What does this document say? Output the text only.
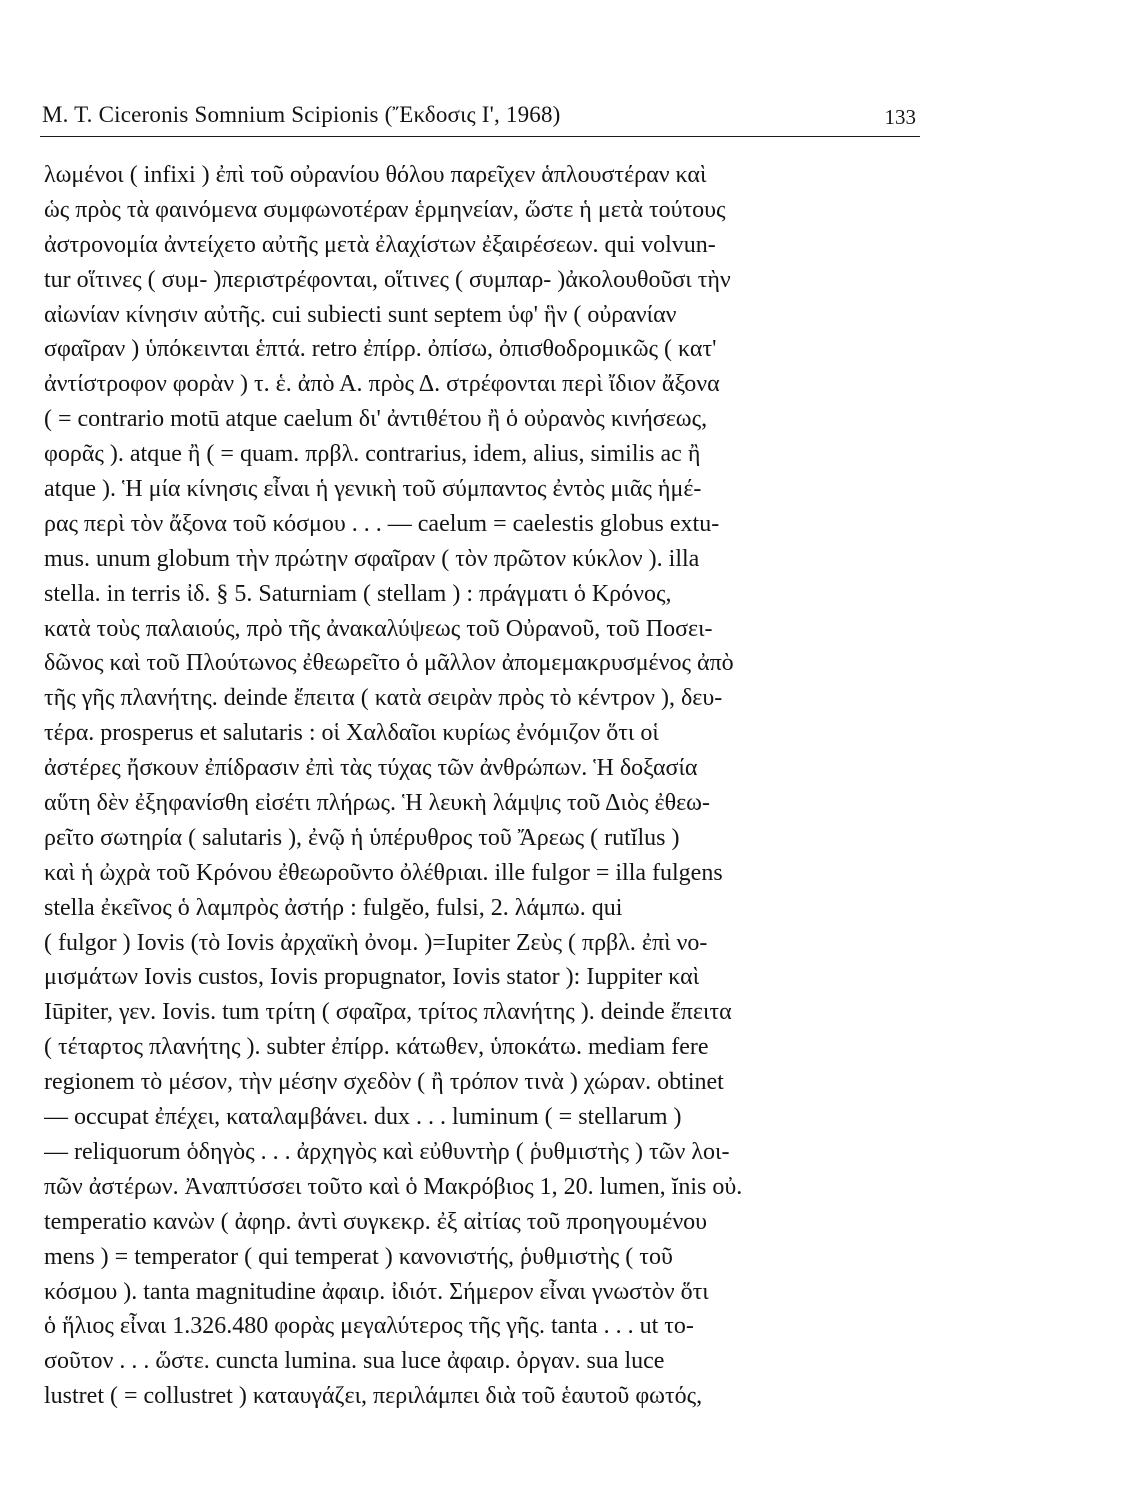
M. T. Ciceronis Somnium Scipionis (Ἔκδοσις I', 1968)	133
λωμένοι ( infixi ) ἐπὶ τοῦ οὐρανίου θόλου παρεῖχεν ἁπλουστέραν καὶ
ὡς πρὸς τὰ φαινόμενα συμφωνοτέραν ἑρμηνείαν, ὥστε ἡ μετὰ τούτους
ἀστρονομία ἀντείχετο αὐτῆς μετὰ ἐλαχίστων ἐξαιρέσεων. qui volvun-
tur οἵτινες ( συμ- )περιστρέφονται, οἵτινες ( συμπαρ- )ἀκολουθοῦσι τὴν
αἰωνίαν κίνησιν αὐτῆς. cui subiecti sunt septem ὑφ' ἣν ( οὐρανίαν
σφαῖραν ) ὑπόκεινται ἑπτά. retro ἐπίρρ. ὀπίσω, ὀπισθοδρομικῶς ( κατ'
ἀντίστροφον φορὰν ) τ. ἑ. ἀπὸ Α. πρὸς Δ. στρέφονται περὶ ἴδιον ἄξονα
( = contrario motū atque caelum δι' ἀντιθέτου ἢ ὁ οὐρανὸς κινήσεως,
φορᾶς ). atque ἢ ( = quam. πρβλ. contrarius, idem, alius, similis ac ἢ
atque ). Ἡ μία κίνησις εἶναι ἡ γενικὴ τοῦ σύμπαντος ἐντὸς μιᾶς ἡμέ-
ρας περὶ τὸν ἄξονα τοῦ κόσμου . . . — caelum = caelestis globus extu-
mus. unum globum τὴν πρώτην σφαῖραν ( τὸν πρῶτον κύκλον ). illa
stella. in terris ἰδ. § 5. Saturniam ( stellam ) : πράγματι ὁ Κρόνος,
κατὰ τοὺς παλαιούς, πρὸ τῆς ἀνακαλύψεως τοῦ Οὐρανοῦ, τοῦ Ποσει-
δῶνος καὶ τοῦ Πλούτωνος ἐθεωρεῖτο ὁ μᾶλλον ἀπομεμακρυσμένος ἀπὸ
τῆς γῆς πλανήτης. deinde ἔπειτα ( κατὰ σειρὰν πρὸς τὸ κέντρον ), δευ-
τέρα. prosperus et salutaris : οἱ Χαλδαῖοι κυρίως ἐνόμιζον ὅτι οἱ
ἀστέρες ἤσκουν ἐπίδρασιν ἐπὶ τὰς τύχας τῶν ἀνθρώπων. Ἡ δοξασία
αὕτη δὲν ἐξηφανίσθη εἰσέτι πλήρως. Ἡ λευκὴ λάμψις τοῦ Διὸς ἐθεω-
ρεῖτο σωτηρία ( salutaris ), ἐνῷ ἡ ὑπέρυθρος τοῦ Ἄρεως ( rutĭlus )
καὶ ἡ ὠχρὰ τοῦ Κρόνου ἐθεωροῦντο ὀλέθριαι. ille fulgor = illa fulgens
stella ἐκεῖνος ὁ λαμπρὸς ἀστήρ : fulgĕo, fulsi, 2. λάμπω. qui
( fulgor ) Iovis (τὸ Iovis ἀρχαϊκὴ ὀνομ. )=Iupiter Ζεὺς ( πρβλ. ἐπὶ νο-
μισμάτων Iovis custos, Iovis propugnator, Iovis stator ): Iuppiter καὶ
Iūpiter, γεν. Iovis. tum τρίτη ( σφαῖρα, τρίτος πλανήτης ). deinde ἔπειτα
( τέταρτος πλανήτης ). subter ἐπίρρ. κάτωθεν, ὑποκάτω. mediam fere
regionem τὸ μέσον, τὴν μέσην σχεδὸν ( ἢ τρόπον τινὰ ) χώραν. obtinet
— occupat ἐπέχει, καταλαμβάνει. dux . . . luminum ( = stellarum )
— reliquorum ὁδηγὸς . . . ἀρχηγὸς καὶ εὐθυντὴρ ( ῥυθμιστὴς ) τῶν λοι-
πῶν ἀστέρων. Ἀναπτύσσει τοῦτο καὶ ὁ Μακρόβιος 1, 20. lumen, ĭnis οὐ.
temperatio κανὼν ( ἀφηρ. ἀντὶ συγκεκρ. ἐξ αἰτίας τοῦ προηγουμένου
mens ) = temperator ( qui temperat ) κανονιστής, ῥυθμιστὴς ( τοῦ
κόσμου ). tanta magnitudine ἀφαιρ. ἰδιότ. Σήμερον εἶναι γνωστὸν ὅτι
ὁ ἥλιος εἶναι 1.326.480 φορὰς μεγαλύτερος τῆς γῆς. tanta . . . ut το-
σοῦτον . . . ὥστε. cuncta lumina. sua luce ἀφαιρ. ὀργαν. sua luce
lustret ( = collustret ) καταυγάζει, περιλάμπει διὰ τοῦ ἑαυτοῦ φωτός,
